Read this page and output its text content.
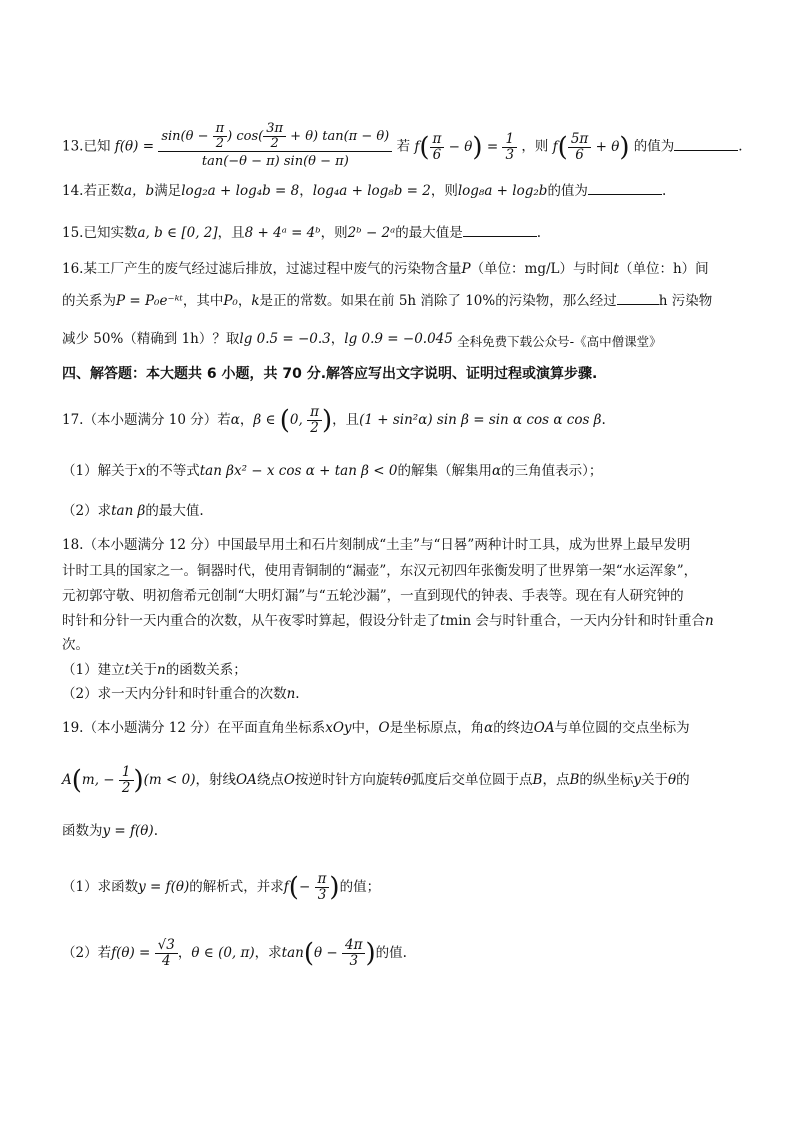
13.已知 $f(\theta) = \frac{\sin(\theta - \frac{\pi}{2} ) \cos( \frac{3\pi}{2} + \theta) \tan(\pi - \theta)}{\tan(-\theta - \pi) \sin(\theta - \pi)}$ 若 $f( \frac{\pi}{6} - \theta) = \frac{1}{3}$ ，则 $f( \frac{5\pi}{6} + \theta)$ 的值为	.
14.若正数a，b满足log₂a + log₄b = 8，log₄a + log₈b = 2，则log₈a + log₂b的值为	.
15.已知实数a, b ∈ [0, 2]，且8 + 4ᵃ = 4ᵇ，则2ᵇ − 2ᵃ的最大值是	.
16.某工厂产生的废气经过滤后排放，过滤过程中废气的污染物含量P（单位：mg/L）与时间t（单位：h）间
的关系为P = P₀e⁻ᵏᵗ，其中P₀，k是正的常数。如果在前 5h 消除了 10%的污染物，那么经过	h 污染物
减少 50%（精确到 1h）？取lg 0.5 = −0.3，lg 0.9 = −0.045 全科免费下载公众号-《高中僧课堂》
四、解答题：本大题共 6 小题，共 70 分.解答应写出文字说明、证明过程或演算步骤.
17.（本小题满分 10 分）若α，β ∈ (0, $\frac{\pi}{2}$ )，且(1 + sin²α) sin β = sin α cos α cos β.
（1）解关于x的不等式tan βx² − x cos α + tan β < 0的解集（解集用α的三角值表示）；
（2）求tan β的最大值.
18.（本小题满分 12 分）中国最早用土和石片刻制成“土圭”与“日晷”两种计时工具，成为世界上最早发明
计时工具的国家之一。铜器时代，使用青铜制的“漏壶”，东汉元初四年张衡发明了世界第一架“水运浑象”，
元初郭守敬、明初詹希元创制“大明灯漏”与“五轮沙漏”，一直到现代的钟表、手表等。现在有人研究钟的
时针和分针一天内重合的次数，从午夜零时算起，假设分针走了tmin 会与时针重合，一天内分针和时针重合n
次。
（1）建立t关于n的函数关系；
（2）求一天内分针和时针重合的次数n.
19.（本小题满分 12 分）在平面直角坐标系xOy中，O是坐标原点，角α的终边OA与单位圆的交点坐标为
A(m, − $\frac{1}{2} )(m < 0)$，射线OA绕点O按逆时针方向旋转θ弧度后交单位圆于点B，点B的纵坐标y关于θ的
函数为y = f(θ).
（1）求函数y = f(θ)的解析式，并求$f(- \frac{\pi}{3}$ )的值；
（2）若$f(\theta) = \frac{√3}{4}$ ，θ ∈ (0, π)，求$\tan(\theta - \frac{4\pi}{3}$ )的值.
